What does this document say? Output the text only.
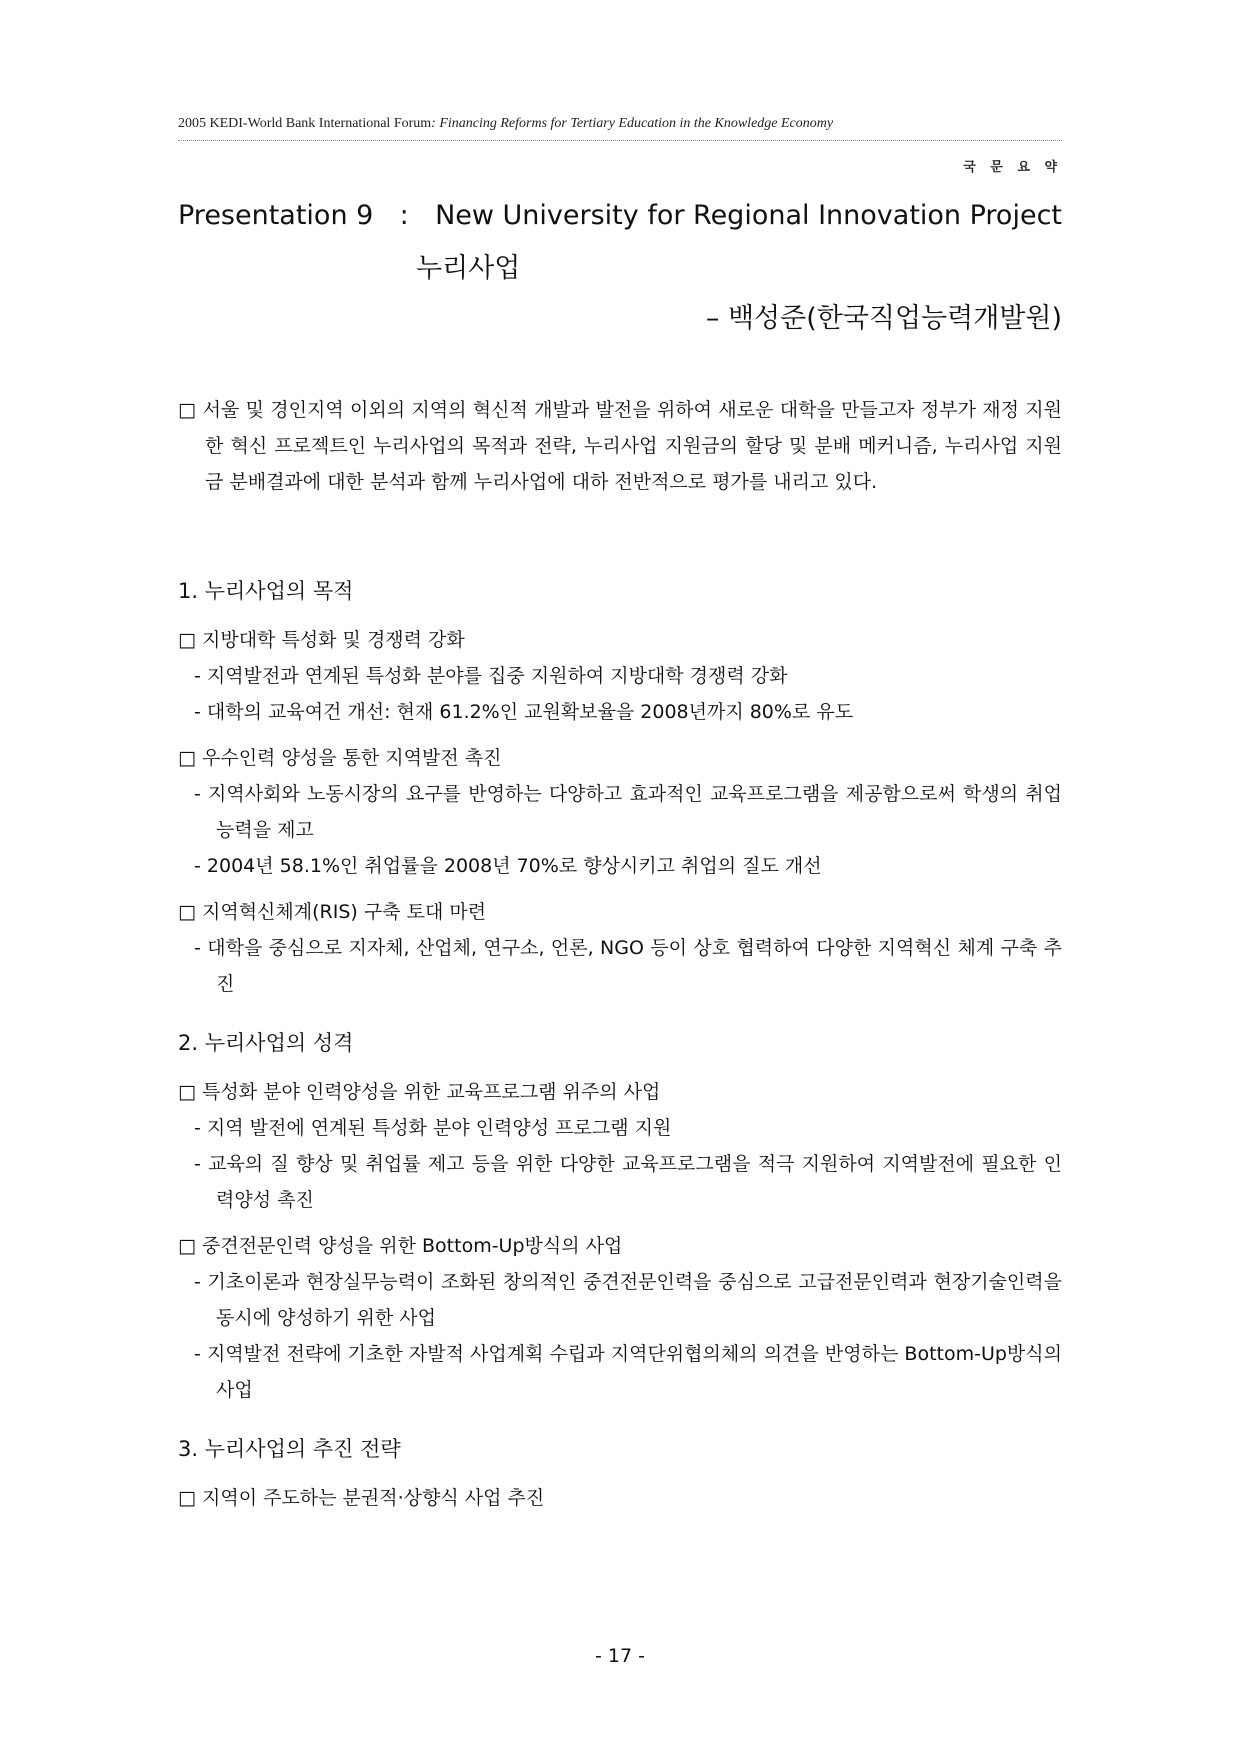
2005 KEDI-World Bank International Forum: Financing Reforms for Tertiary Education in the Knowledge Economy
국 문 요 약
Presentation 9 : New University for Regional Innovation Project
누리사업
– 백성준(한국직업능력개발원)
□ 서울 및 경인지역 이외의 지역의 혁신적 개발과 발전을 위하여 새로운 대학을 만들고자 정부가 재정 지원한 혁신 프로젝트인 누리사업의 목적과 전략, 누리사업 지원금의 할당 및 분배 메커니즘, 누리사업 지원금 분배결과에 대한 분석과 함께 누리사업에 대하 전반적으로 평가를 내리고 있다.
1. 누리사업의 목적
□ 지방대학 특성화 및 경쟁력 강화
- 지역발전과 연계된 특성화 분야를 집중 지원하여 지방대학 경쟁력 강화
- 대학의 교육여건 개선: 현재 61.2%인 교원확보율을 2008년까지 80%로 유도
□ 우수인력 양성을 통한 지역발전 촉진
- 지역사회와 노동시장의 요구를 반영하는 다양하고 효과적인 교육프로그램을 제공함으로써 학생의 취업 능력을 제고
- 2004년 58.1%인 취업률을 2008년 70%로 향상시키고 취업의 질도 개선
□ 지역혁신체계(RIS) 구축 토대 마련
- 대학을 중심으로 지자체, 산업체, 연구소, 언론, NGO 등이 상호 협력하여 다양한 지역혁신 체계 구축 추진
2. 누리사업의 성격
□ 특성화 분야 인력양성을 위한 교육프로그램 위주의 사업
- 지역 발전에 연계된 특성화 분야 인력양성 프로그램 지원
- 교육의 질 향상 및 취업률 제고 등을 위한 다양한 교육프로그램을 적극 지원하여 지역발전에 필요한 인력양성 촉진
□ 중견전문인력 양성을 위한 Bottom-Up방식의 사업
- 기초이론과 현장실무능력이 조화된 창의적인 중견전문인력을 중심으로 고급전문인력과 현장기술인력을 동시에 양성하기 위한 사업
- 지역발전 전략에 기초한 자발적 사업계획 수립과 지역단위협의체의 의견을 반영하는 Bottom-Up방식의 사업
3. 누리사업의 추진 전략
□ 지역이 주도하는 분권적·상향식 사업 추진
- 17 -
